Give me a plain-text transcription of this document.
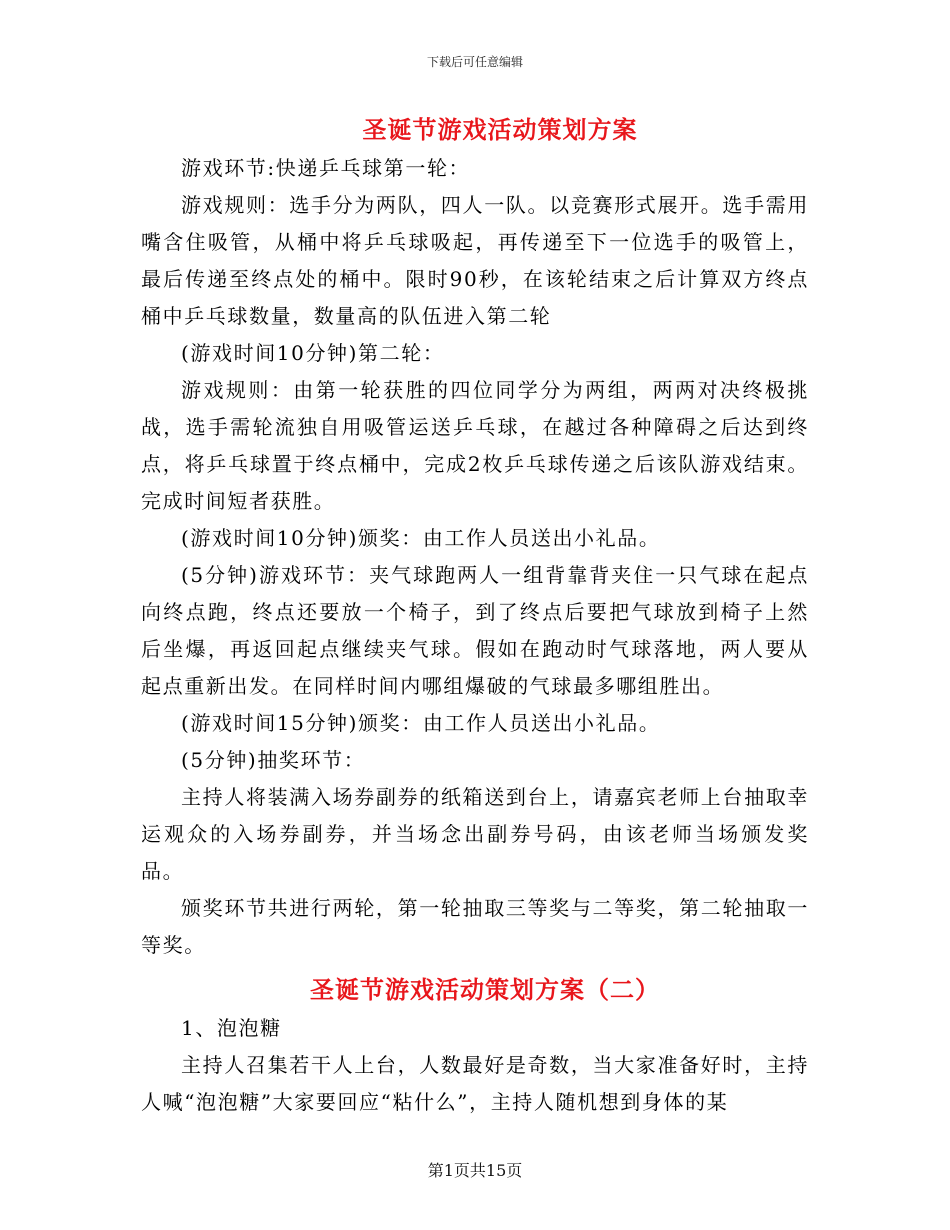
下载后可任意编辑
圣诞节游戏活动策划方案

游戏环节:快递乒乓球第一轮：

游戏规则：选手分为两队，四人一队。以竞赛形式展开。选手需用嘴含住吸管，从桶中将乒乓球吸起，再传递至下一位选手的吸管上，最后传递至终点处的桶中。限时90秒，在该轮结束之后计算双方终点桶中乒乓球数量，数量高的队伍进入第二轮

(游戏时间10分钟)第二轮：

游戏规则：由第一轮获胜的四位同学分为两组，两两对决终极挑战，选手需轮流独自用吸管运送乒乓球，在越过各种障碍之后达到终点，将乒乓球置于终点桶中，完成2枚乒乓球传递之后该队游戏结束。完成时间短者获胜。

(游戏时间10分钟)颁奖：由工作人员送出小礼品。

(5分钟)游戏环节：夹气球跑两人一组背靠背夹住一只气球在起点向终点跑，终点还要放一个椅子，到了终点后要把气球放到椅子上然后坐爆，再返回起点继续夹气球。假如在跑动时气球落地，两人要从起点重新出发。在同样时间内哪组爆破的气球最多哪组胜出。

(游戏时间15分钟)颁奖：由工作人员送出小礼品。

(5分钟)抽奖环节：

主持人将装满入场券副券的纸箱送到台上，请嘉宾老师上台抽取幸运观众的入场券副券，并当场念出副券号码，由该老师当场颁发奖品。

颁奖环节共进行两轮，第一轮抽取三等奖与二等奖，第二轮抽取一等奖。

圣诞节游戏活动策划方案（二）

1、泡泡糖

主持人召集若干人上台，人数最好是奇数，当大家准备好时，主持人喊“泡泡糖”大家要回应“粘什么”，主持人随机想到身体的某

第1页共15页
